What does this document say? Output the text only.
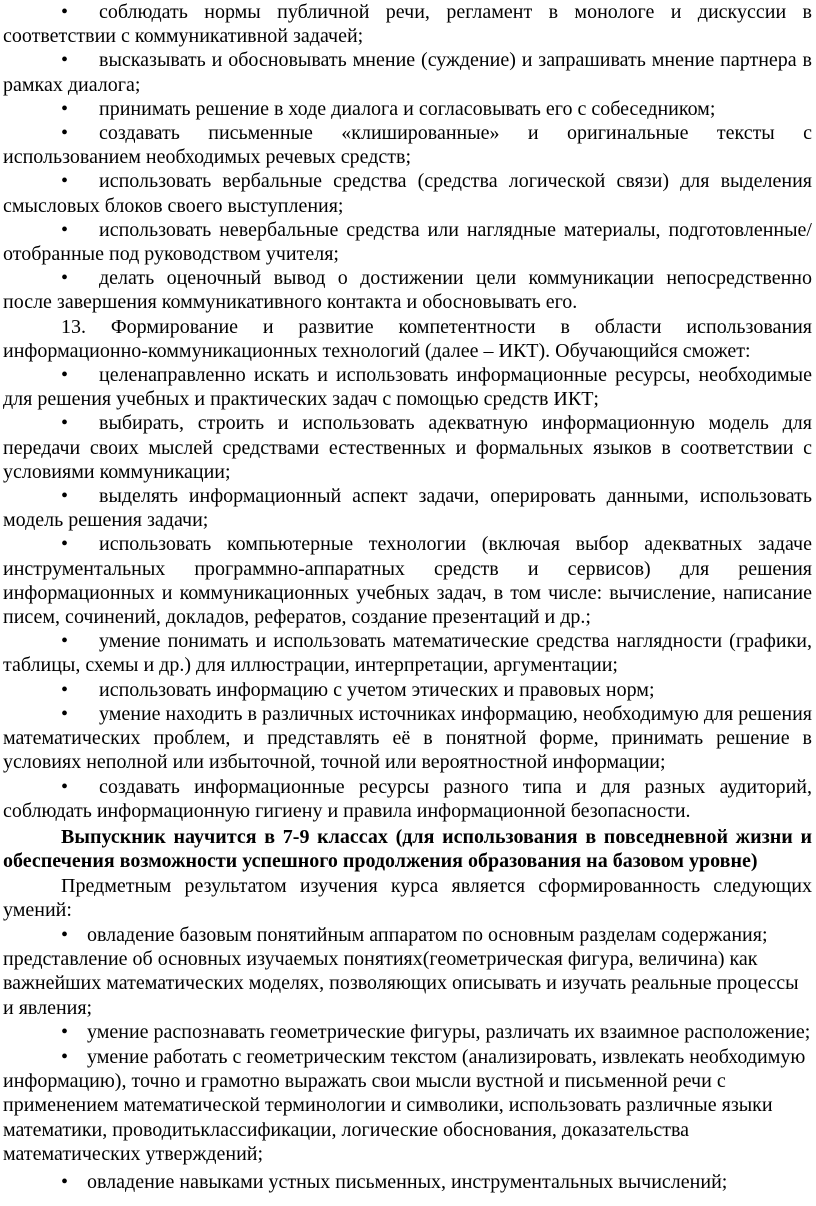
• соблюдать нормы публичной речи, регламент в монологе и дискуссии в соответствии с коммуникативной задачей;

• высказывать и обосновывать мнение (суждение) и запрашивать мнение партнера в рамках диалога;

• принимать решение в ходе диалога и согласовывать его с собеседником;

• создавать письменные «клишированные» и оригинальные тексты с использованием необходимых речевых средств;

• использовать вербальные средства (средства логической связи) для выделения смысловых блоков своего выступления;

• использовать невербальные средства или наглядные материалы, подготовленные/отобранные под руководством учителя;

• делать оценочный вывод о достижении цели коммуникации непосредственно после завершения коммуникативного контакта и обосновывать его.

13. Формирование и развитие компетентности в области использования информационно-коммуникационных технологий (далее – ИКТ). Обучающийся сможет:

• целенаправленно искать и использовать информационные ресурсы, необходимые для решения учебных и практических задач с помощью средств ИКТ;

• выбирать, строить и использовать адекватную информационную модель для передачи своих мыслей средствами естественных и формальных языков в соответствии с условиями коммуникации;

• выделять информационный аспект задачи, оперировать данными, использовать модель решения задачи;

• использовать компьютерные технологии (включая выбор адекватных задаче инструментальных программно-аппаратных средств и сервисов) для решения информационных и коммуникационных учебных задач, в том числе: вычисление, написание писем, сочинений, докладов, рефератов, создание презентаций и др.;

• умение понимать и использовать математические средства наглядности (графики, таблицы, схемы и др.) для иллюстрации, интерпретации, аргументации;

• использовать информацию с учетом этических и правовых норм;

• умение находить в различных источниках информацию, необходимую для решения математических проблем, и представлять её в понятной форме, принимать решение в условиях неполной или избыточной, точной или вероятностной информации;

• создавать информационные ресурсы разного типа и для разных аудиторий, соблюдать информационную гигиену и правила информационной безопасности.

Выпускник научится в 7-9 классах (для использования в повседневной жизни и обеспечения возможности успешного продолжения образования на базовом уровне)

Предметным результатом изучения курса является сформированность следующих умений:

• овладение базовым понятийным аппаратом по основным разделам содержания; представление об основных изучаемых понятиях(геометрическая фигура, величина) как важнейших математических моделях, позволяющих описывать и изучать реальные процессы и явления;

• умение распознавать геометрические фигуры, различать их взаимное расположение;

• умение работать с геометрическим текстом (анализировать, извлекать необходимую информацию), точно и грамотно выражать свои мысли вустной и письменной речи с применением математической терминологии и символики, использовать различные языки математики, проводитьклассификации, логические обоснования, доказательства математических утверждений;

• овладение навыками устных письменных, инструментальных вычислений;
